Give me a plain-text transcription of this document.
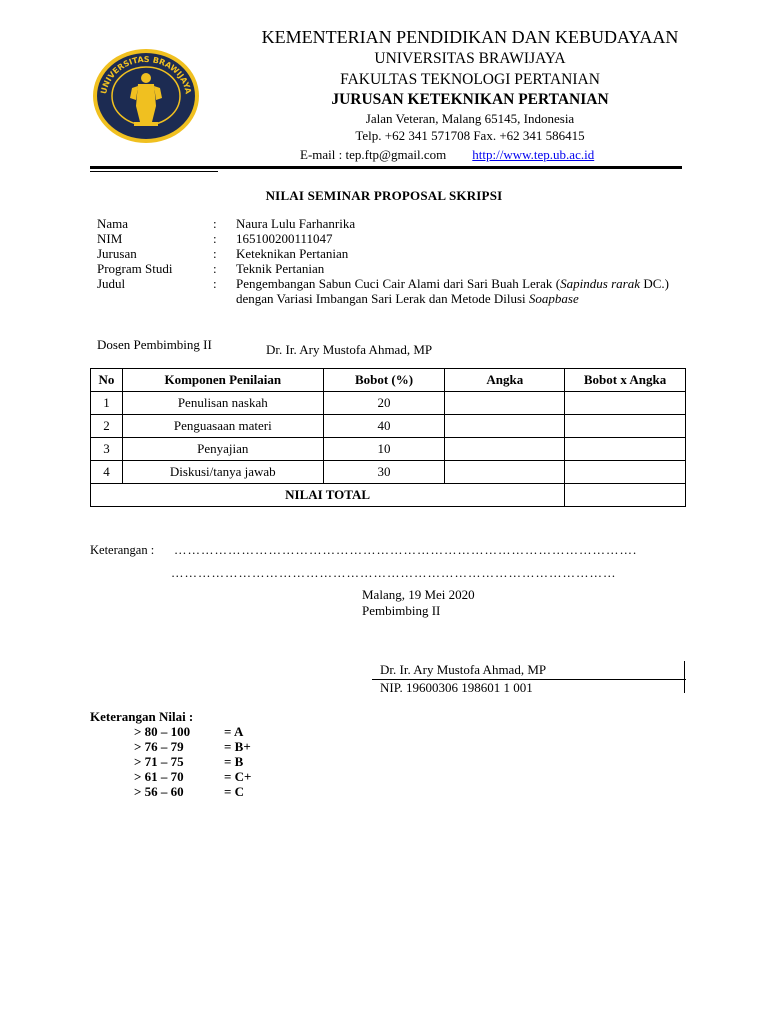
UNIVERSITAS BRAWIJAYA
KEMENTERIAN PENDIDIKAN DAN KEBUDAYAAN
UNIVERSITAS BRAWIJAYA
FAKULTAS TEKNOLOGI PERTANIAN
JURUSAN KETEKNIKAN PERTANIAN
Jalan Veteran, Malang 65145, Indonesia
Telp. +62 341 571708 Fax. +62 341 586415
E-mail : tep.ftp@gmail.com http://www.tep.ub.ac.id
NILAI SEMINAR PROPOSAL SKRIPSI
Nama	: Naura Lulu Farhanrika
NIM	: 165100200111047
Jurusan	: Keteknikan Pertanian
Program Studi	: Teknik Pertanian
Judul	: Pengembangan Sabun Cuci Cair Alami dari Sari Buah Lerak (Sapindus rarak DC.) dengan Variasi Imbangan Sari Lerak dan Metode Dilusi Soapbase
Dosen Pembimbing II	Dr. Ir. Ary Mustofa Ahmad, MP
No	Komponen Penilaian	Bobot (%)	Angka	Bobot x Angka
1	Penulisan naskah	20		
2	Penguasaan materi	40		
3	Penyajian	10		
4	Diskusi/tanya jawab	30		
NILAI TOTAL				
Keterangan : ………………………………………………………………………………………….
………………………………………………………………………………………
Malang, 19 Mei 2020
Pembimbing II
Dr. Ir. Ary Mustofa Ahmad, MP
NIP. 19600306 198601 1 001
Keterangan Nilai :
> 80 – 100	= A
> 76 – 79	= B+
> 71 – 75	= B
> 61 – 70	= C+
> 56 – 60	= C
